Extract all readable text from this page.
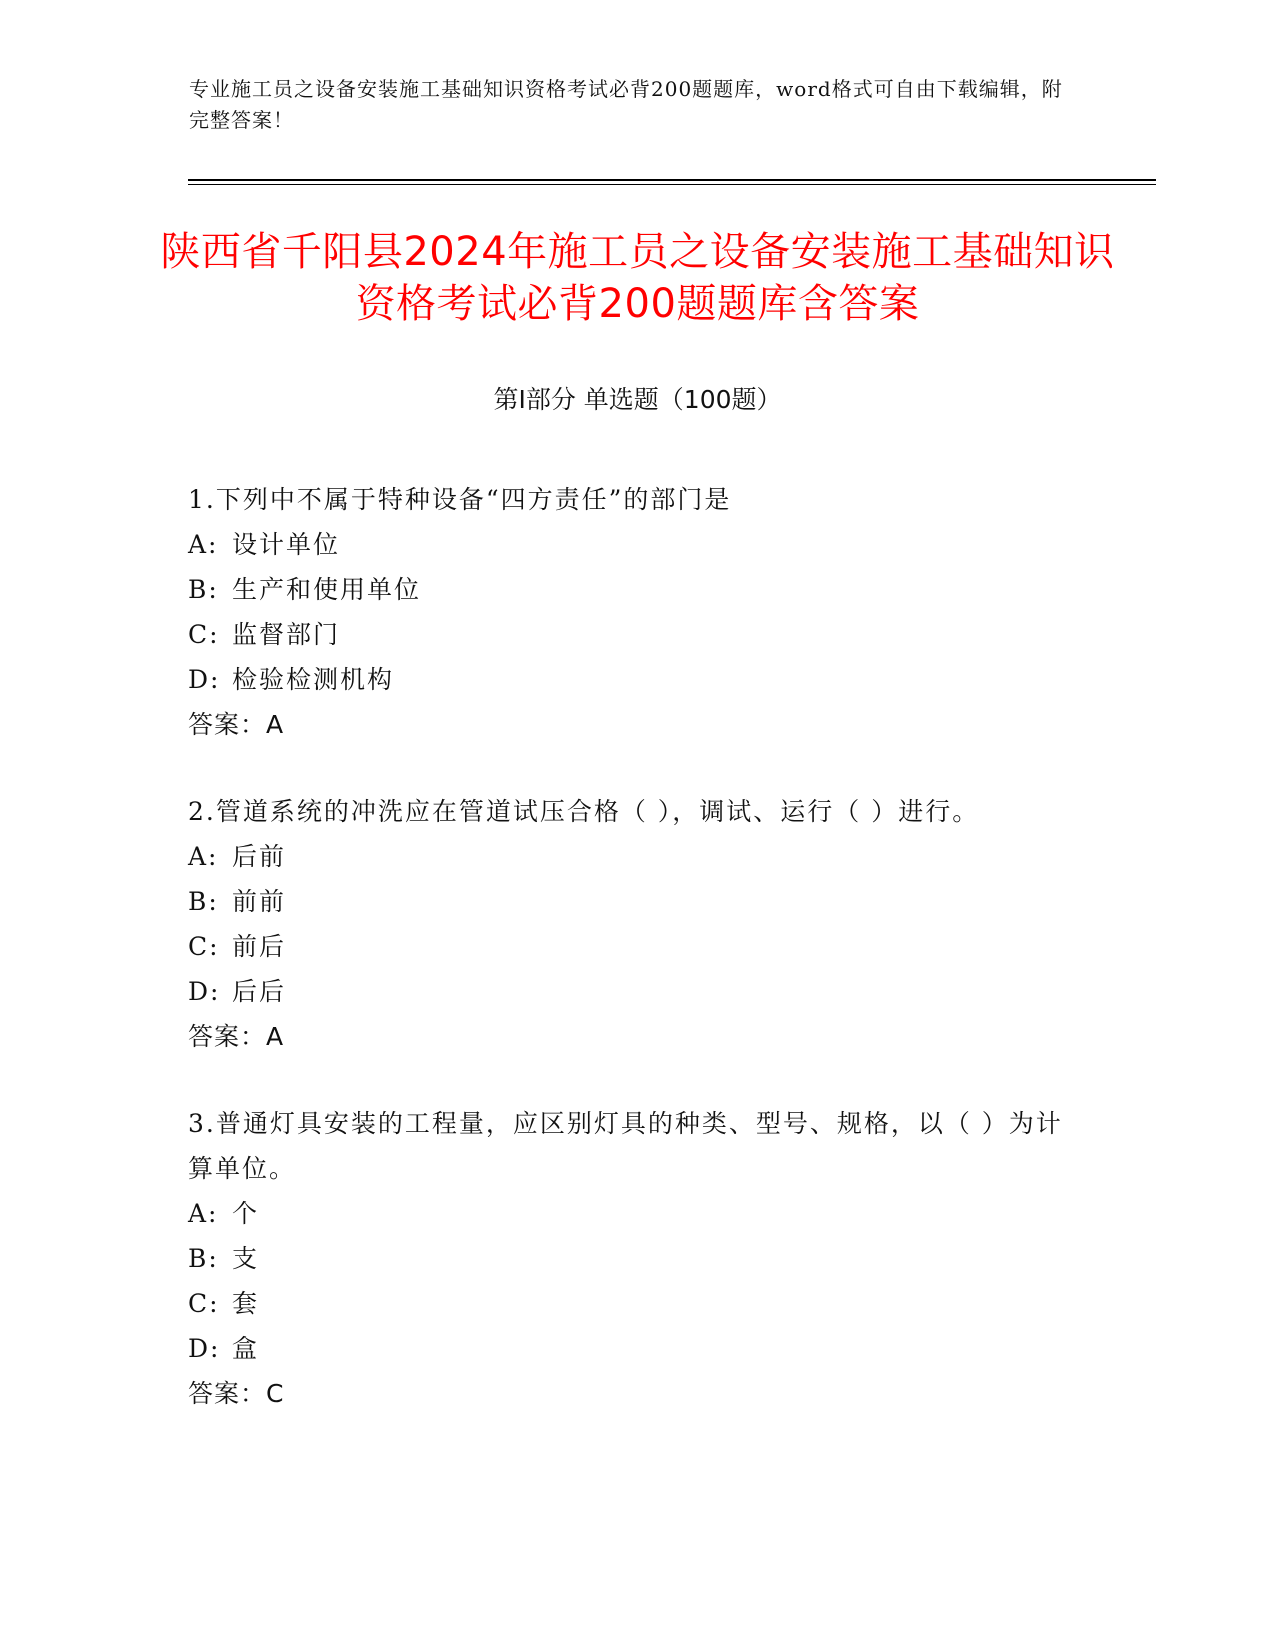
专业施工员之设备安装施工基础知识资格考试必背200题题库，word格式可自由下载编辑，附完整答案！
陕西省千阳县2024年施工员之设备安装施工基础知识资格考试必背200题题库含答案
第I部分 单选题（100题）

1.下列中不属于特种设备“四方责任”的部门是

A: 设计单位

B: 生产和使用单位

C: 监督部门

D: 检验检测机构

答案：A

2.管道系统的冲洗应在管道试压合格（ ），调试、运行（ ）进行。

A: 后前

B: 前前

C: 前后

D: 后后

答案：A

3.普通灯具安装的工程量，应区别灯具的种类、型号、规格，以（ ）为计算单位。

A: 个

B: 支

C: 套

D: 盒

答案：C
